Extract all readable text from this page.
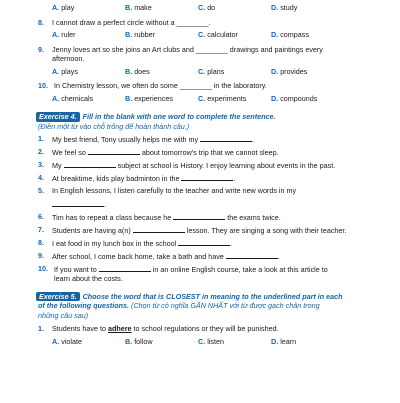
A. play	B. make	C. do	D. study
8. I cannot draw a perfect circle without a ________.
A. ruler	B. rubber	C. calculator	D. compass
9. Jenny loves art so she joins an Art clubs and ________ drawings and paintings every
afternoon.
A. plays	B. does	C. plans	D. provides
10. In Chemistry lesson, we often do some ________ in the laboratory.
A. chemicals	B. experiences	C. experiments	D. compounds
Exercise 4. Fill in the blank with one word to complete the sentence.
(Điền một từ vào chỗ trống để hoàn thành câu.)
1. My best friend, Tony usually helps me with my	.
2. We feel so	about tomorrow's trip that we cannot sleep.
3. My	subject at school is History. I enjoy learning about events in the past.
4. At breaktime, kids play badminton in the	.
5. In English lessons, I listen carefully to the teacher and write new words in my
.
6. Tim has to repeat a class because he	the exams twice.
7. Students are having a(n)	lesson. They are singing a song with their teacher.
8. I eat food in my lunch box in the school	.
9. After school, I come back home, take a bath and have	.
10. If you want to	in an online English course, take a look at this article to
learn about the costs.
Exercise 5. Choose the word that is CLOSEST in meaning to the underlined part in each
of the following questions. (Chọn từ có nghĩa GẦN NHẤT với từ được gạch chân trong
những câu sau)
1. Students have to adhere to school regulations or they will be punished.
A. violate	B. follow	C. listen	D. learn
